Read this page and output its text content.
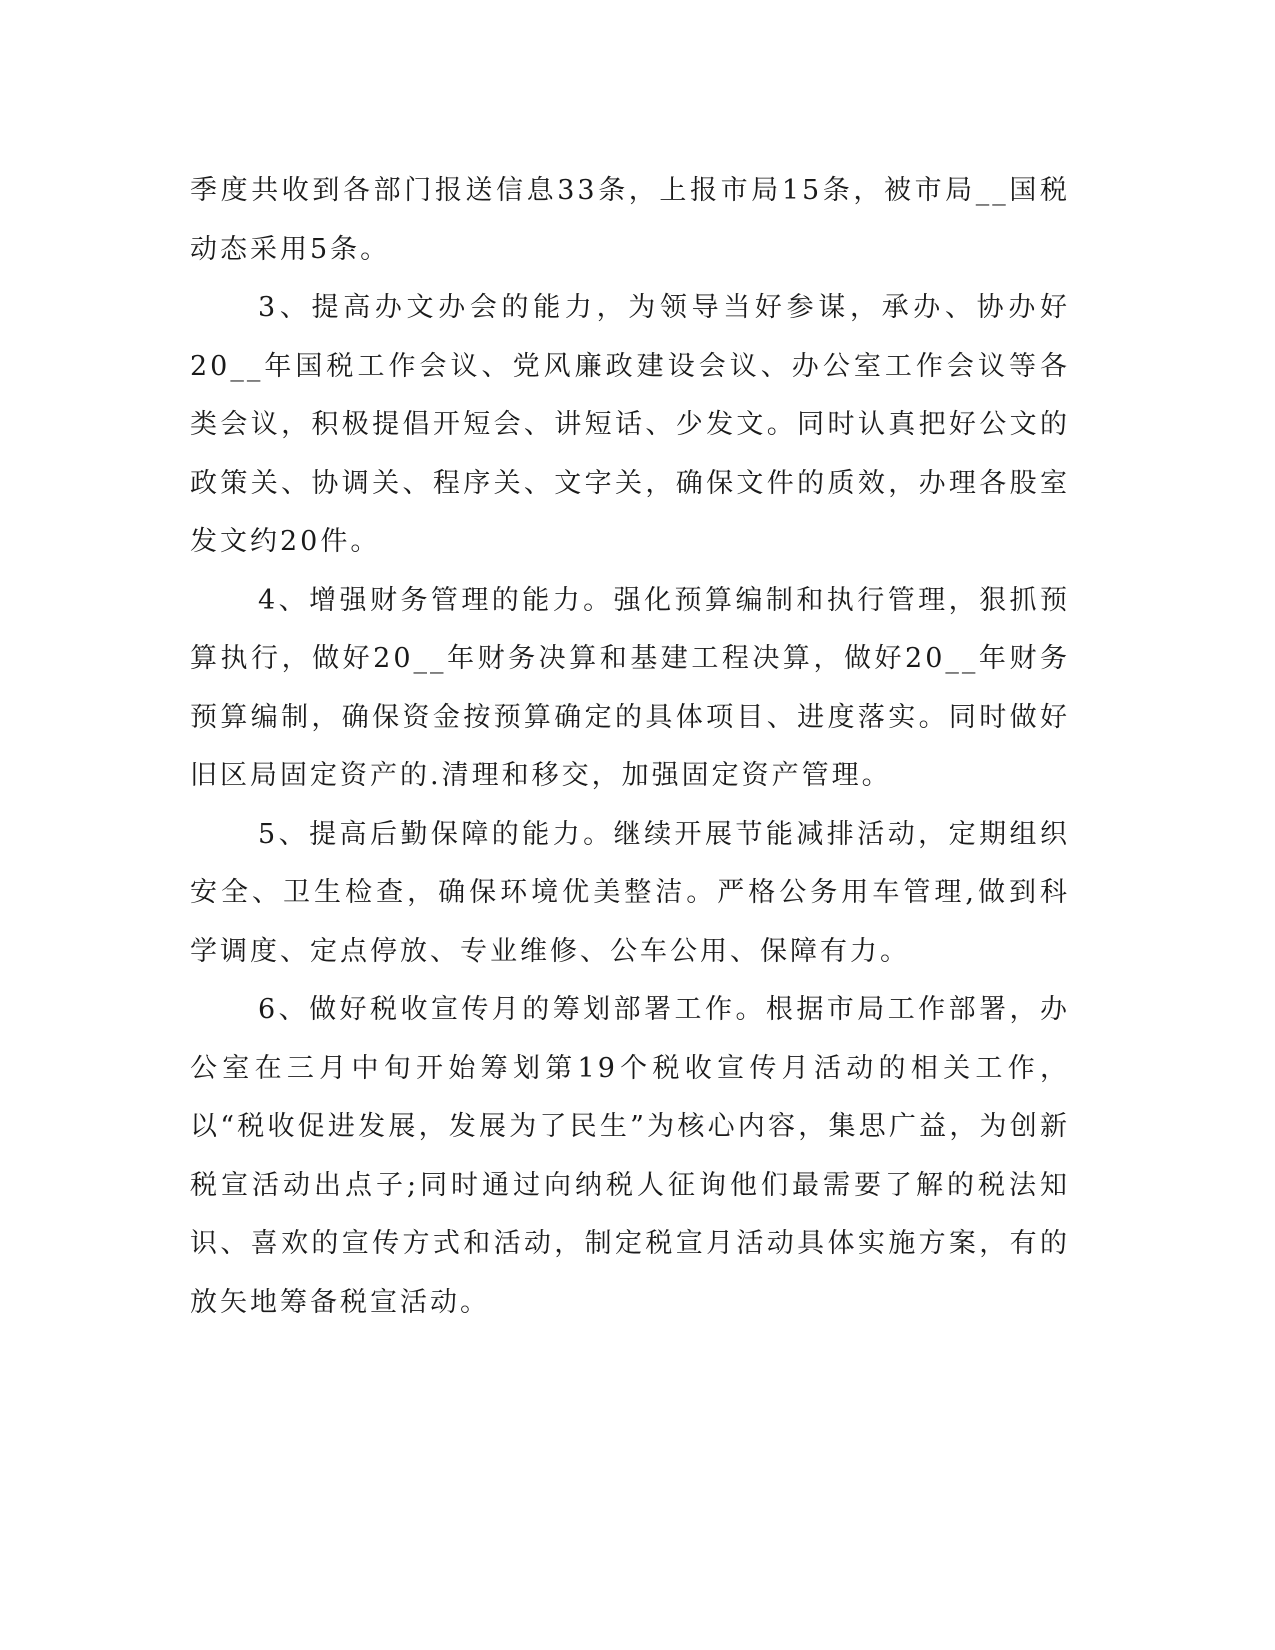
季度共收到各部门报送信息33条，上报市局15条，被市局__国税动态采用5条。

3、提高办文办会的能力，为领导当好参谋，承办、协办好20__年国税工作会议、党风廉政建设会议、办公室工作会议等各类会议，积极提倡开短会、讲短话、少发文。同时认真把好公文的政策关、协调关、程序关、文字关，确保文件的质效，办理各股室发文约20件。

4、增强财务管理的能力。强化预算编制和执行管理，狠抓预算执行，做好20__年财务决算和基建工程决算，做好20__年财务预算编制，确保资金按预算确定的具体项目、进度落实。同时做好旧区局固定资产的.清理和移交，加强固定资产管理。

5、提高后勤保障的能力。继续开展节能减排活动，定期组织安全、卫生检查，确保环境优美整洁。严格公务用车管理,做到科学调度、定点停放、专业维修、公车公用、保障有力。

6、做好税收宣传月的筹划部署工作。根据市局工作部署，办公室在三月中旬开始筹划第19个税收宣传月活动的相关工作，以“税收促进发展，发展为了民生”为核心内容，集思广益，为创新税宣活动出点子;同时通过向纳税人征询他们最需要了解的税法知识、喜欢的宣传方式和活动，制定税宣月活动具体实施方案，有的放矢地筹备税宣活动。
